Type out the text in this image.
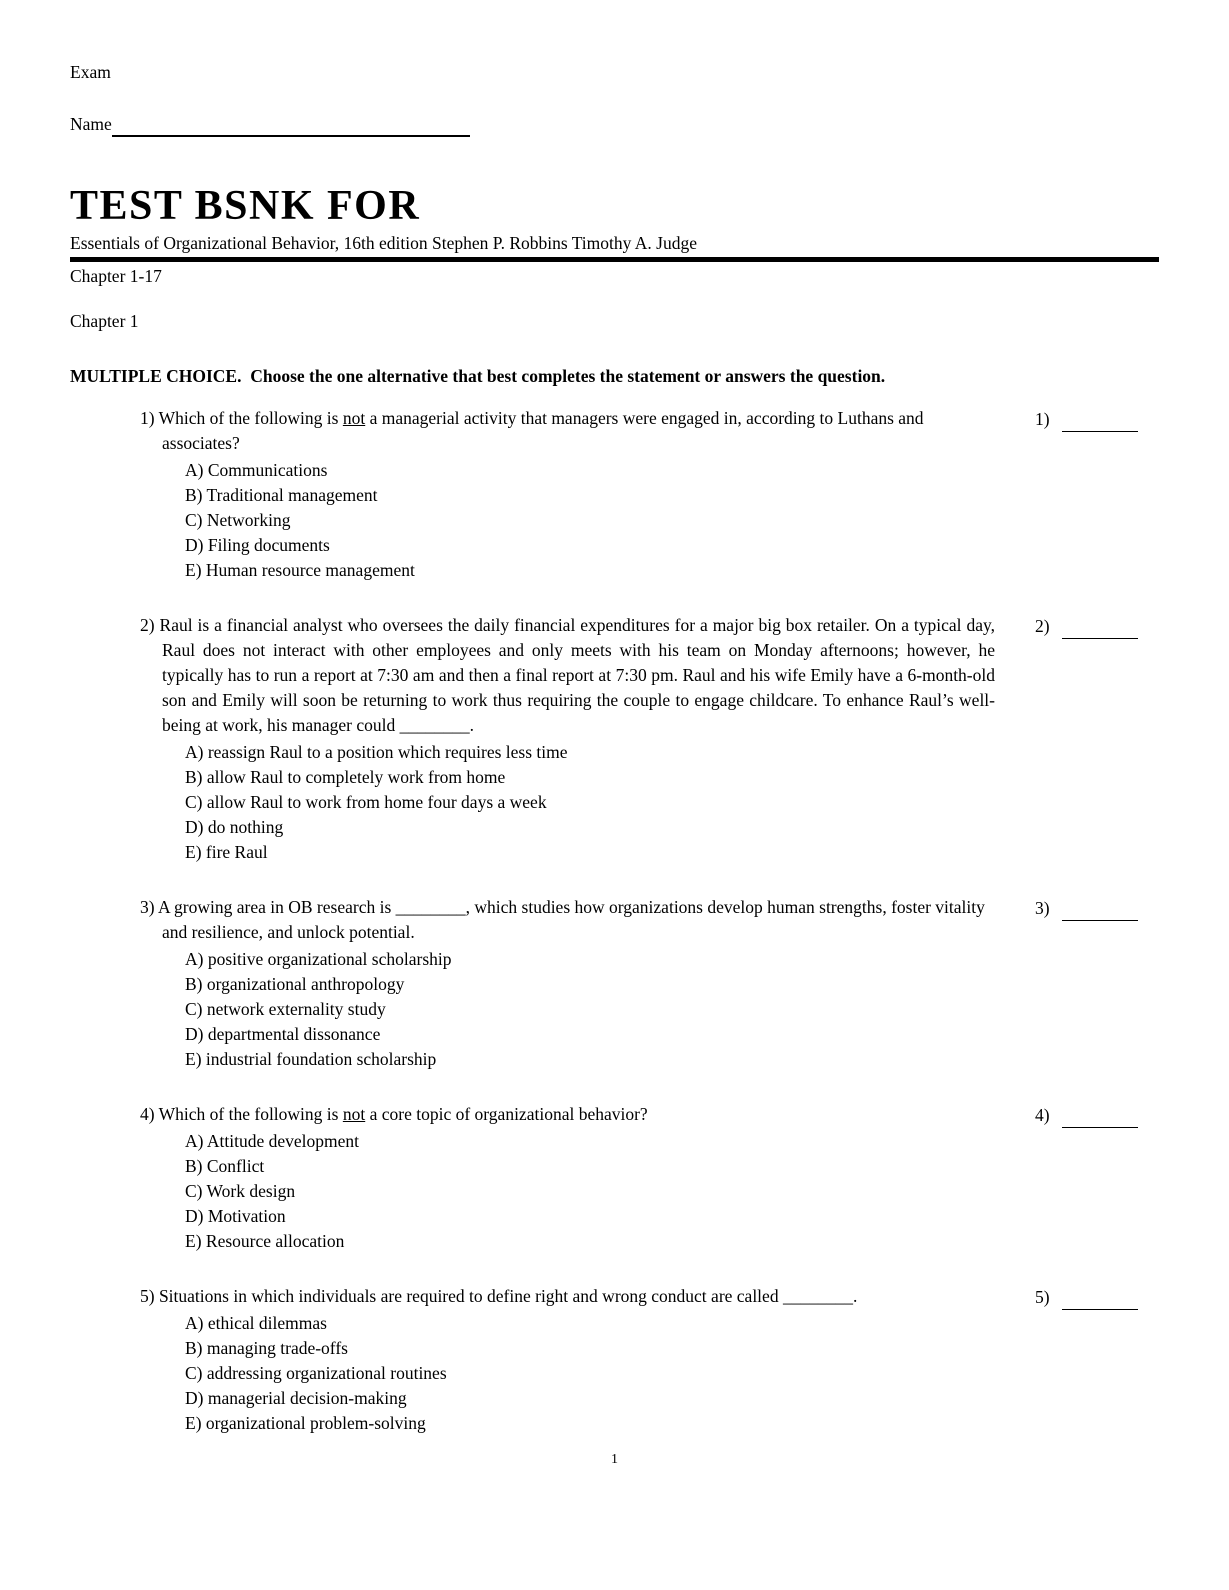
Exam
Name
TEST BSNK FOR
Essentials of Organizational Behavior, 16th edition Stephen P. Robbins Timothy A. Judge
Chapter 1-17
Chapter 1
MULTIPLE CHOICE.  Choose the one alternative that best completes the statement or answers the question.
1) Which of the following is not a managerial activity that managers were engaged in, according to Luthans and associates?
A) Communications
B) Traditional management
C) Networking
D) Filing documents
E) Human resource management
1)
2) Raul is a financial analyst who oversees the daily financial expenditures for a major big box retailer. On a typical day, Raul does not interact with other employees and only meets with his team on Monday afternoons; however, he typically has to run a report at 7:30 am and then a final report at 7:30 pm. Raul and his wife Emily have a 6-month-old son and Emily will soon be returning to work thus requiring the couple to engage childcare. To enhance Raul’s well-being at work, his manager could ________.
A) reassign Raul to a position which requires less time
B) allow Raul to completely work from home
C) allow Raul to work from home four days a week
D) do nothing
E) fire Raul
2)
3) A growing area in OB research is ________, which studies how organizations develop human strengths, foster vitality and resilience, and unlock potential.
A) positive organizational scholarship
B) organizational anthropology
C) network externality study
D) departmental dissonance
E) industrial foundation scholarship
3)
4) Which of the following is not a core topic of organizational behavior?
A) Attitude development
B) Conflict
C) Work design
D) Motivation
E) Resource allocation
4)
5) Situations in which individuals are required to define right and wrong conduct are called ________.
A) ethical dilemmas
B) managing trade-offs
C) addressing organizational routines
D) managerial decision-making
E) organizational problem-solving
5)
1
